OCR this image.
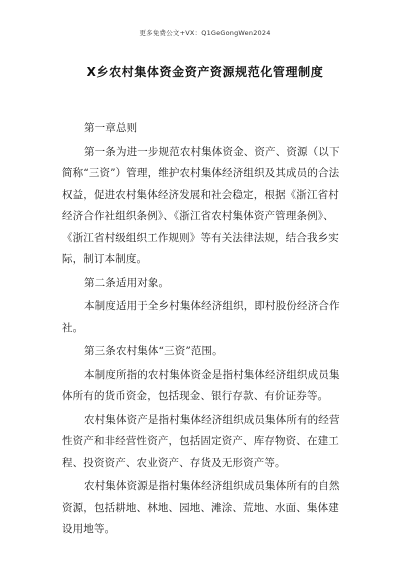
更多免费公文+VX：Q1GeGongWen2024
X乡农村集体资金资产资源规范化管理制度

第一章总则

第一条为进一步规范农村集体资金、资产、资源（以下简称“三资”）管理，维护农村集体经济组织及其成员的合法权益，促进农村集体经济发展和社会稳定，根据《浙江省村经济合作社组织条例》、《浙江省农村集体资产管理条例》、《浙江省村级组织工作规则》等有关法律法规，结合我乡实际，制订本制度。

第二条适用对象。

本制度适用于全乡村集体经济组织，即村股份经济合作社。

第三条农村集体“三资”范围。

本制度所指的农村集体资金是指村集体经济组织成员集体所有的货币资金，包括现金、银行存款、有价证券等。

农村集体资产是指村集体经济组织成员集体所有的经营性资产和非经营性资产，包括固定资产、库存物资、在建工程、投资资产、农业资产、存货及无形资产等。

农村集体资源是指村集体经济组织成员集体所有的自然资源，包括耕地、林地、园地、滩涂、荒地、水面、集体建设用地等。
